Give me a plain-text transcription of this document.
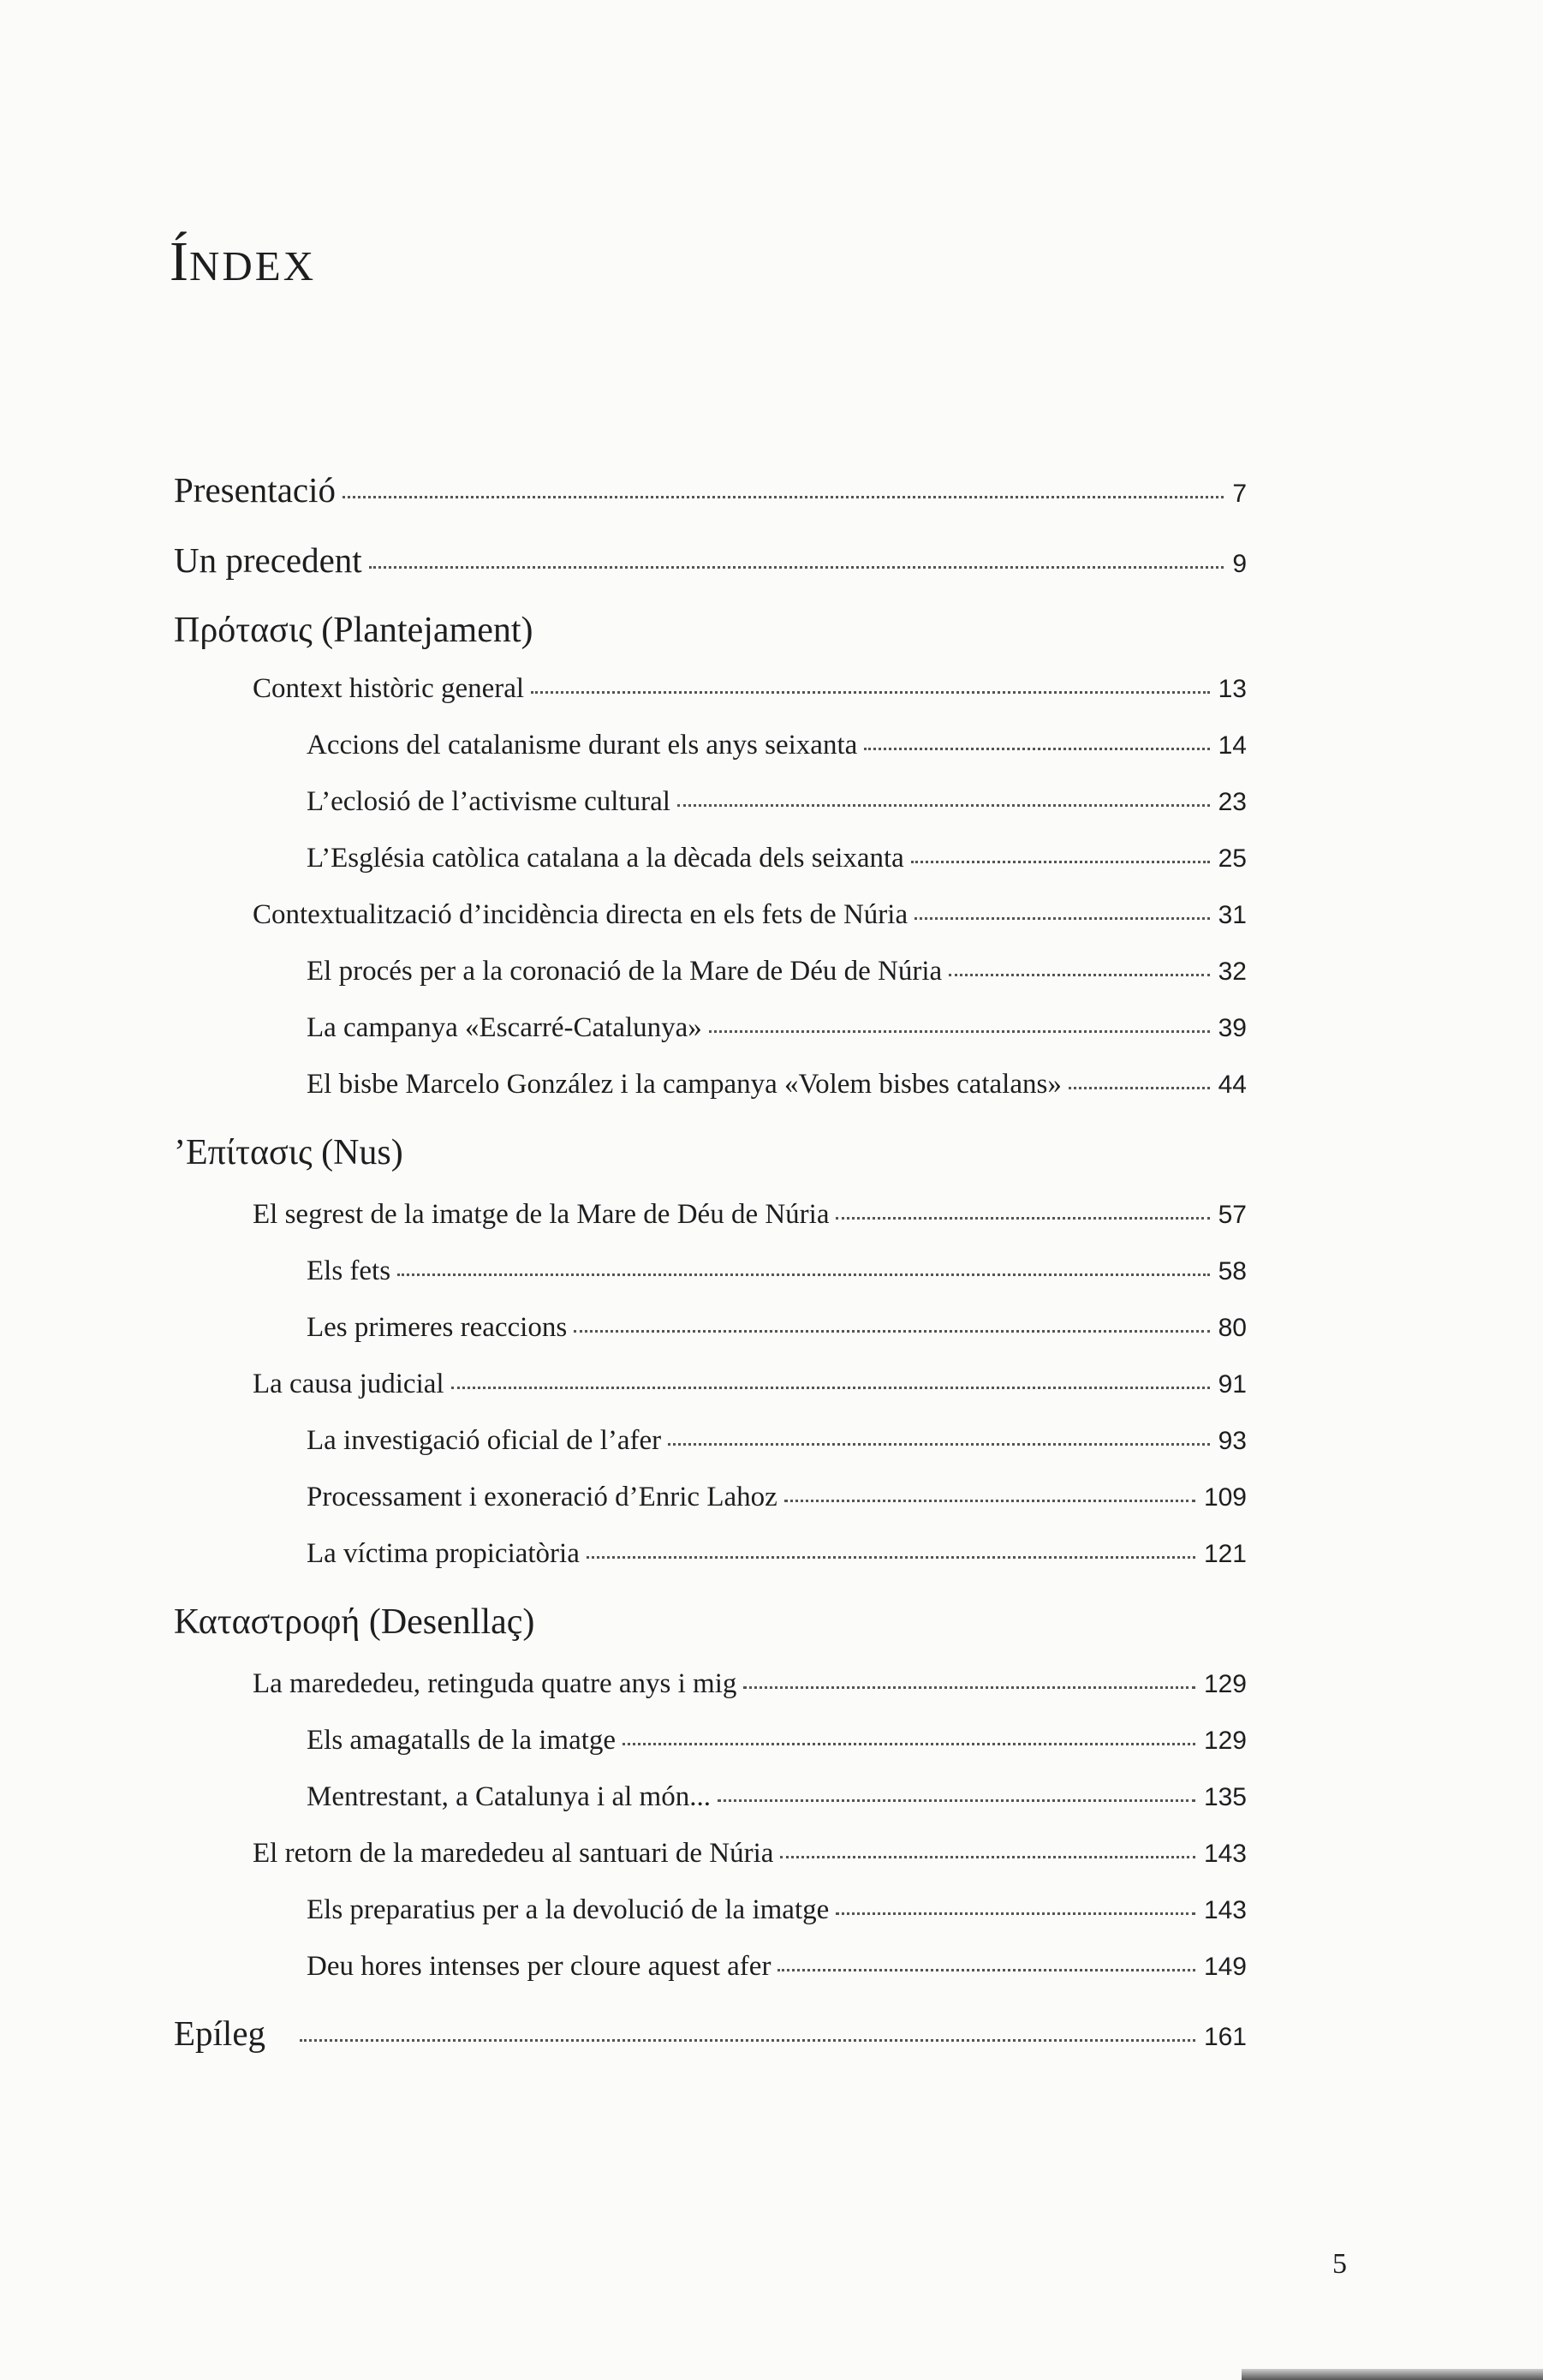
ÍNDEX
Presentació	7
Un precedent	9
Πρότασις (Plantejament)
Context històric general	13
Accions del catalanisme durant els anys seixanta	14
L’eclosió de l’activisme cultural	23
L’Església catòlica catalana a la dècada dels seixanta	25
Contextualització d’incidència directa en els fets de Núria	31
El procés per a la coronació de la Mare de Déu de Núria	32
La campanya «Escarré-Catalunya»	39
El bisbe Marcelo González i la campanya «Volem bisbes catalans»	44
’Επίτασις (Nus)
El segrest de la imatge de la Mare de Déu de Núria	57
Els fets	58
Les primeres reaccions	80
La causa judicial	91
La investigació oficial de l’afer	93
Processament i exoneració d’Enric Lahoz	109
La víctima propiciatòria	121
Καταστροφή (Desenllaç)
La marededeu, retinguda quatre anys i mig	129
Els amagatalls de la imatge	129
Mentrestant, a Catalunya i al món...	135
El retorn de la marededeu al santuari de Núria	143
Els preparatius per a la devolució de la imatge	143
Deu hores intenses per cloure aquest afer	149
Epíleg	161
5
